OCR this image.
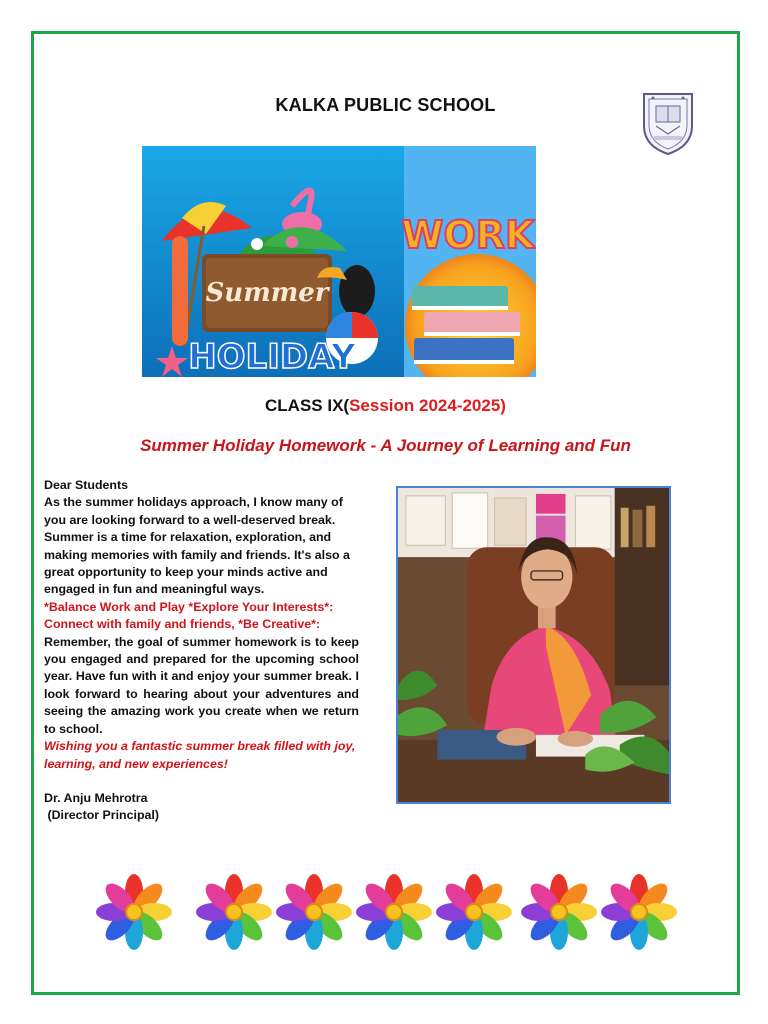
KALKA PUBLIC SCHOOL
Summer
HOLIDAY
WORK
CLASS IX(Session 2024-2025)
Summer Holiday Homework - A Journey of Learning and Fun

Dear Students

As the summer holidays approach, I know many of you are looking forward to a well-deserved break. Summer is a time for relaxation, exploration, and making memories with family and friends. It's also a great opportunity to keep your minds active and engaged in fun and meaningful ways.

*Balance Work and Play *Explore Your Interests*: Connect with family and friends, *Be Creative*:

Remember, the goal of summer homework is to keep you engaged and prepared for the upcoming school year. Have fun with it and enjoy your summer break. I look forward to hearing about your adventures and seeing the amazing work you create when we return to school.

Wishing you a fantastic summer break filled with joy, learning, and new experiences!

Dr. Anju Mehrotra

(Director Principal)
